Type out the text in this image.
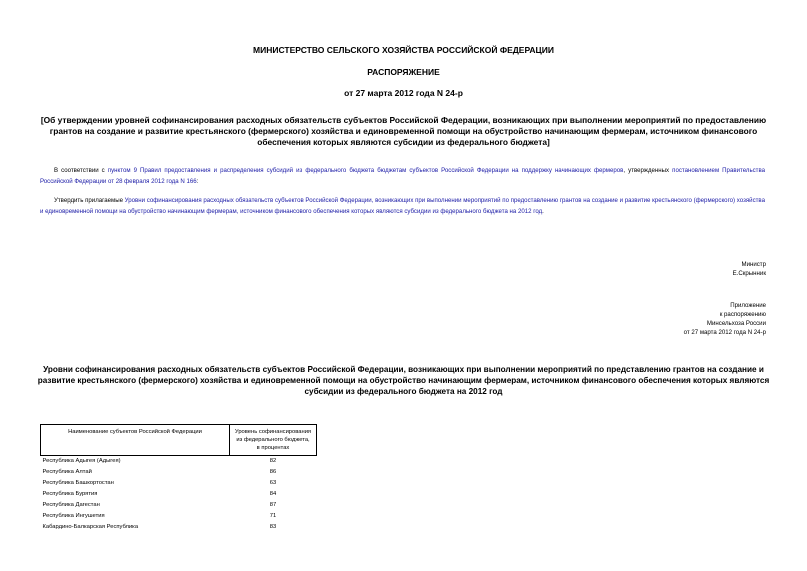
МИНИСТЕРСТВО СЕЛЬСКОГО ХОЗЯЙСТВА РОССИЙСКОЙ ФЕДЕРАЦИИ
РАСПОРЯЖЕНИЕ
от 27 марта 2012 года N 24-р
[Об утверждении уровней софинансирования расходных обязательств субъектов Российской Федерации, возникающих при выполнении мероприятий по предоставлению грантов на создание и развитие крестьянского (фермерского) хозяйства и единовременной помощи на обустройство начинающим фермерам, источником финансового обеспечения которых являются субсидии из федерального бюджета]
В соответствии с пунктом 9 Правил предоставления и распределения субсидий из федерального бюджета бюджетам субъектов Российской Федерации на поддержку начинающих фермеров, утвержденных постановлением Правительства Российской Федерации от 28 февраля 2012 года N 166:
Утвердить прилагаемые Уровни софинансирования расходных обязательств субъектов Российской Федерации, возникающих при выполнении мероприятий по предоставлению грантов на создание и развитие крестьянского (фермерского) хозяйства и единовременной помощи на обустройство начинающим фермерам, источником финансового обеспечения которых являются субсидии из федерального бюджета на 2012 год.
Министр
Е.Скрынник
Приложение
к распоряжению
Минсельхоза России
от 27 марта 2012 года N 24-р
Уровни софинансирования расходных обязательств субъектов Российской Федерации, возникающих при выполнении мероприятий по представлению грантов на создание и развитие крестьянского (фермерского) хозяйства и единовременной помощи на обустройство начинающим фермерам, источником финансового обеспечения которых являются субсидии из федерального бюджета на 2012 год
Наименование субъектов Российской Федерации	Уровень софинансирования из федерального бюджета, в процентах
Республика Адыгея (Адыгея)	82
Республика Алтай	86
Республика Башкортостан	63
Республика Бурятия	84
Республика Дагестан	87
Республика Ингушетия	71
Кабардино-Балкарская Республика	83
